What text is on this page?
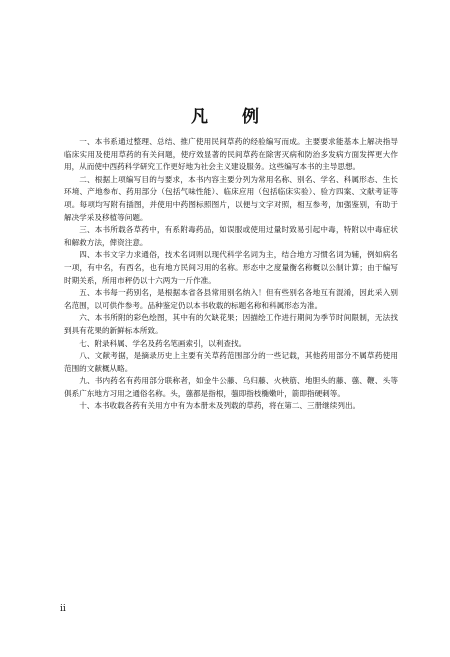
凡 例

一、本书系通过整理、总结、推广使用民间草药的经验编写而成。主要要求能基本上解决指导临床实用及使用草药的有关问题，使疗效显著的民间草药在除害灭病和防治多发病方面发挥更大作用，从而使中西药科学研究工作更好地为社会主义建设服务。这些编写本书的主导思想。

二、根据上项编写目的与要求，本书内容主要分列为常用名称、别名、学名、科属形态、生长环境、产地参布、药用部分（包括气味性能）、临床应用（包括临床实验）、验方四案、文献考证等项。每项均写附有插图，并使用中药图标照图片，以便与文字对照，相互参考，加强鉴别，有助于解决学采及移植等问题。

三、本书所载各草药中，有系附毒药品，如误服或使用过量时致易引起中毒，特附以中毒症状和解救方法，俾资注意。

四、本书文字力求通俗，技术名词则以现代科学名词为主，结合地方习惯名词为辅，例如病名一项，有中名，有西名，也有地方民间习用的名称。形态中之度量衡名称概以公制计算；由于编写时期关系，所用市秤仍以十六两为一斤作准。

五、本书每一药别名，是根据本省各县常用别名纳入！但有些别名各地互有混淆，因此采入别名范围，以可供作参考。品种鉴定仍以本书收载的标题名称和科属形态为准。

六、本书所附的彩色绘图，其中有的欠缺花果；因描绘工作进行期间为季节时间限制，无法找到具有花果的新鲜标本所致。

七、附录科属、学名及药名笔画索引，以利查找。

八、文献考据，是摘录历史上主要有关草药范围部分的一些记载，其他药用部分不属草药使用范围的文献概从略。

九、书内药名有药用部分联称者，如金牛公藤、乌归藤、火秧筋、地胆头的藤、蔃、鞭、头等俱系广东地方习用之通俗名称。头，蔃都是指根，蔃即指枝椭嫩叶，箭即指硬刺等。

十、本书收载各药有关用方中有为本册未及列载的草药，将在第二、三册继续列出。

ii
